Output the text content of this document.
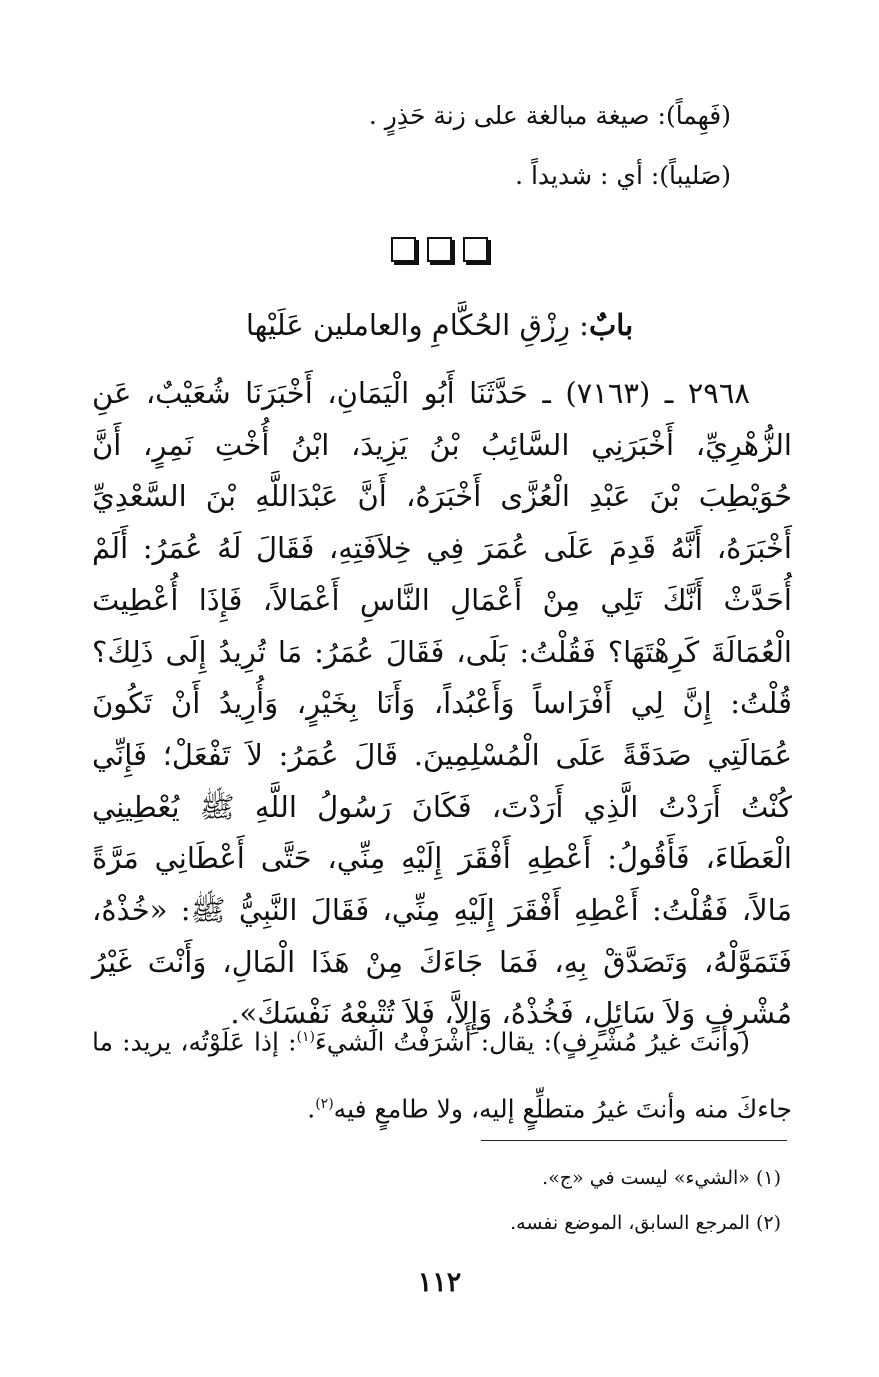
(فَهِماً): صيغة مبالغة على زنة حَذِرٍ .
(صَليباً): أي : شديداً .
بابٌ: رِزْقِ الحُكَّامِ والعاملين عَلَيْها
٢٩٦٨ ـ (٧١٦٣) ـ حَدَّثَنَا أَبُو الْيَمَانِ، أَخْبَرَنَا شُعَيْبٌ، عَنِ الزُّهْرِيِّ، أَخْبَرَنِي السَّائِبُ بْنُ يَزِيدَ، ابْنُ أُخْتِ نَمِرٍ، أَنَّ حُوَيْطِبَ بْنَ عَبْدِ الْعُزَّى أَخْبَرَهُ، أَنَّ عَبْدَاللَّهِ بْنَ السَّعْدِيِّ أَخْبَرَهُ، أَنَّهُ قَدِمَ عَلَى عُمَرَ فِي خِلاَفَتِهِ، فَقَالَ لَهُ عُمَرُ: أَلَمْ أُحَدَّثْ أَنَّكَ تَلِي مِنْ أَعْمَالِ النَّاسِ أَعْمَالاً، فَإِذَا أُعْطِيتَ الْعُمَالَةَ كَرِهْتَهَا؟ فَقُلْتُ: بَلَى، فَقَالَ عُمَرُ: مَا تُرِيدُ إِلَى ذَلِكَ؟ قُلْتُ: إِنَّ لِي أَفْرَاساً وَأَعْبُداً، وَأَنَا بِخَيْرٍ، وَأُرِيدُ أَنْ تَكُونَ عُمَالَتِي صَدَقَةً عَلَى الْمُسْلِمِينَ. قَالَ عُمَرُ: لاَ تَفْعَلْ؛ فَإِنِّي كُنْتُ أَرَدْتُ الَّذِي أَرَدْتَ، فَكَانَ رَسُولُ اللَّهِ ﷺ يُعْطِينِي الْعَطَاءَ، فَأَقُولُ: أَعْطِهِ أَفْقَرَ إِلَيْهِ مِنِّي، حَتَّى أَعْطَانِي مَرَّةً مَالاً، فَقُلْتُ: أَعْطِهِ أَفْقَرَ إِلَيْهِ مِنِّي، فَقَالَ النَّبِيُّ ﷺ: «خُذْهُ، فَتَمَوَّلْهُ، وَتَصَدَّقْ بِهِ، فَمَا جَاءَكَ مِنْ هَذَا الْمَالِ، وَأَنْتَ غَيْرُ مُشْرِفٍ وَلاَ سَائِلٍ، فَخُذْهُ، وَإِلاَّ، فَلاَ تُتْبِعْهُ نَفْسَكَ».
(وأنتَ غيرُ مُشْرِفٍ): يقال: أَشْرَفْتُ الشيءَ$^{(١)}$: إذا عَلَوْتُه، يريد: ما جاءكَ منه وأنتَ غيرُ متطلِّعٍ إليه، ولا طامعٍ فيه$^{(٢)}$.
(١) «الشيء» ليست في «ج».
(٢) المرجع السابق، الموضع نفسه.
١١٢
